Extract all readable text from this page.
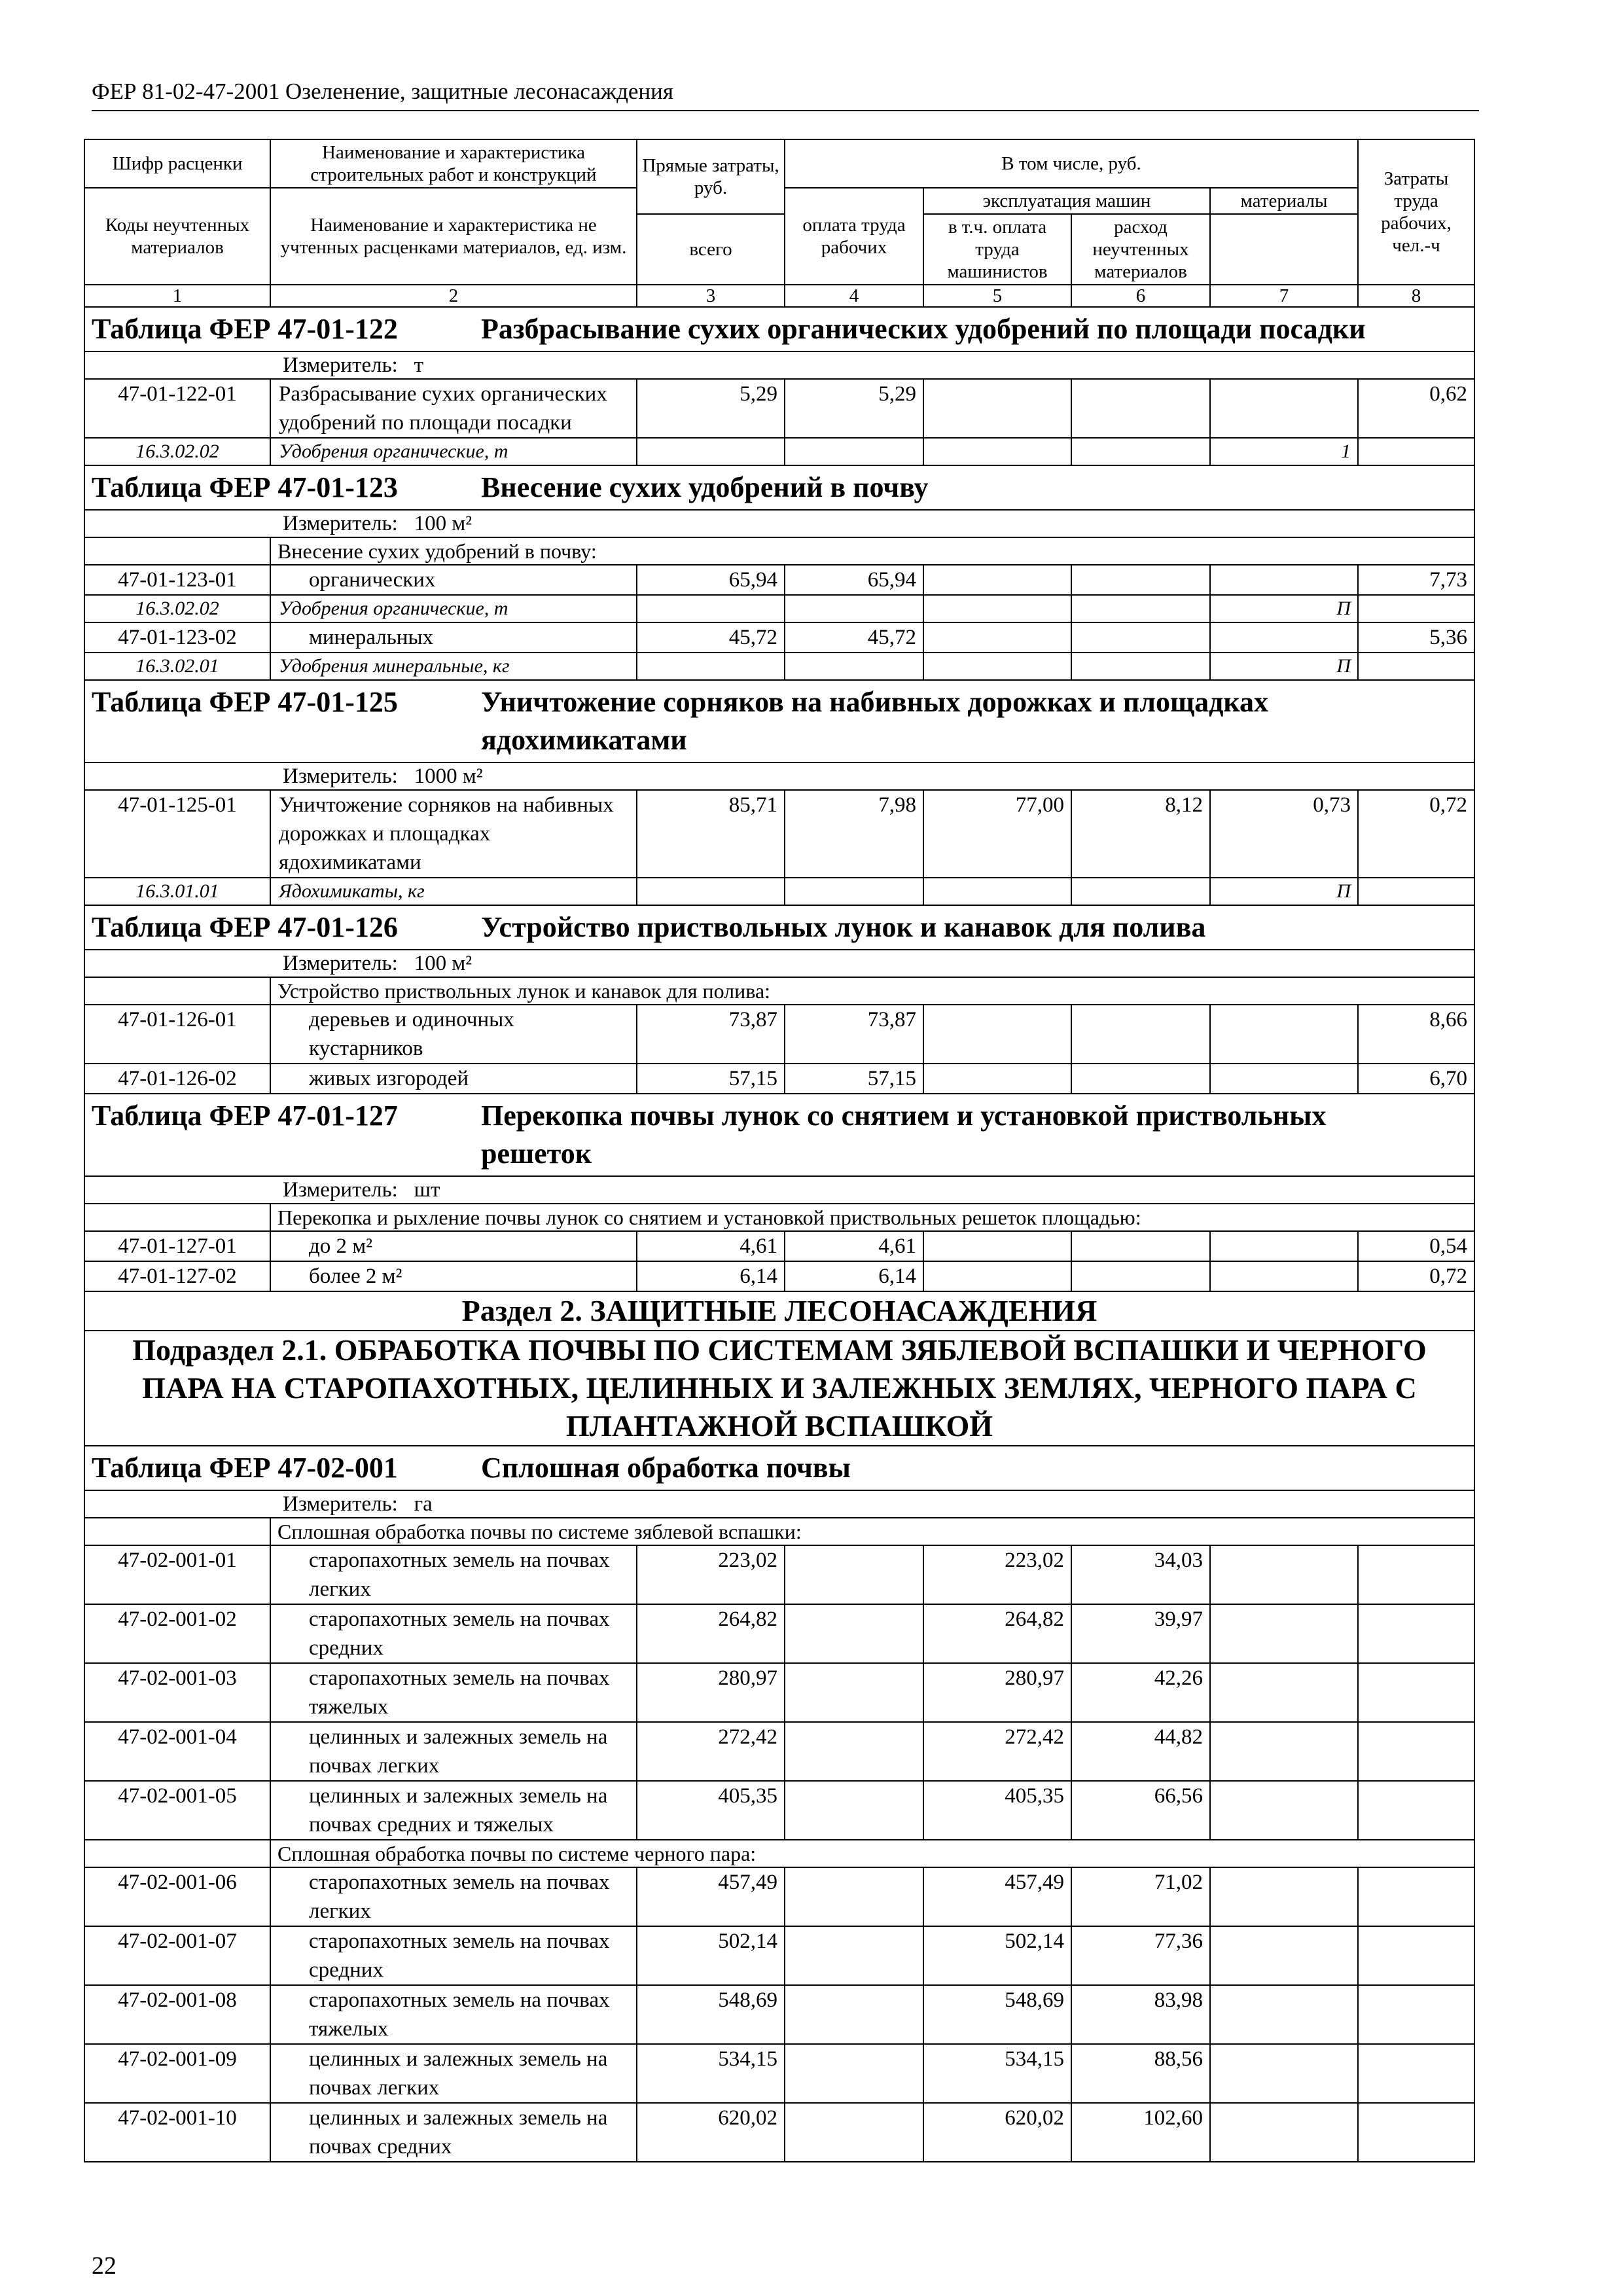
ФЕР 81-02-47-2001 Озеленение, защитные лесонасаждения
Шифр расценки	Наименование и характеристика строительных работ и конструкций	Прямые затраты, руб.	В том числе, руб.				Затраты труда рабочих, чел.-ч
Коды неучтенных материалов	Наименование и характеристика не учтенных расценками материалов, ед. изм.						
			оплата труда рабочих	эксплуатация машин		материалы	
		всего		в т.ч. оплата труда машинистов	расход неучтенных материалов		
1	2	3	4	5	6	7	8
Таблица ФЕР 47-01-122 Разбрасывание сухих органических удобрений по площади посадки							
Измеритель: т							
47-01-122-01	Разбрасывание сухих органических удобрений по площади посадки	5,29	5,29				0,62
16.3.02.02	Удобрения органические, т					1	
Таблица ФЕР 47-01-123 Внесение сухих удобрений в почву							
Измеритель: 100 м²							
	Внесение сухих удобрений в почву:						
47-01-123-01	органических	65,94	65,94				7,73
16.3.02.02	Удобрения органические, т					П	
47-01-123-02	минеральных	45,72	45,72				5,36
16.3.02.01	Удобрения минеральные, кг					П	
Таблица ФЕР 47-01-125 Уничтожение сорняков на набивных дорожках и площадках ядохимикатами							
Измеритель: 1000 м²							
47-01-125-01	Уничтожение сорняков на набивных дорожках и площадках ядохимикатами	85,71	7,98	77,00	8,12	0,73	0,72
16.3.01.01	Ядохимикаты, кг					П	
Таблица ФЕР 47-01-126 Устройство приствольных лунок и канавок для полива							
Измеритель: 100 м²							
	Устройство приствольных лунок и канавок для полива:						
47-01-126-01	деревьев и одиночных кустарников	73,87	73,87				8,66
47-01-126-02	живых изгородей	57,15	57,15				6,70
Таблица ФЕР 47-01-127 Перекопка почвы лунок со снятием и установкой приствольных решеток							
Измеритель: шт							
	Перекопка и рыхление почвы лунок со снятием и установкой приствольных решеток площадью:						
47-01-127-01	до 2 м²	4,61	4,61				0,54
47-01-127-02	более 2 м²	6,14	6,14				0,72
Раздел 2. ЗАЩИТНЫЕ ЛЕСОНАСАЖДЕНИЯ							
Подраздел 2.1. ОБРАБОТКА ПОЧВЫ ПО СИСТЕМАМ ЗЯБЛЕВОЙ ВСПАШКИ И ЧЕРНОГО ПАРА НА СТАРОПАХОТНЫХ, ЦЕЛИННЫХ И ЗАЛЕЖНЫХ ЗЕМЛЯХ, ЧЕРНОГО ПАРА С ПЛАНТАЖНОЙ ВСПАШКОЙ							
Таблица ФЕР 47-02-001 Сплошная обработка почвы							
Измеритель: га							
	Сплошная обработка почвы по системе зяблевой вспашки:						
47-02-001-01	старопахотных земель на почвах легких	223,02		223,02	34,03		
47-02-001-02	старопахотных земель на почвах средних	264,82		264,82	39,97		
47-02-001-03	старопахотных земель на почвах тяжелых	280,97		280,97	42,26		
47-02-001-04	целинных и залежных земель на почвах легких	272,42		272,42	44,82		
47-02-001-05	целинных и залежных земель на почвах средних и тяжелых	405,35		405,35	66,56		
	Сплошная обработка почвы по системе черного пара:						
47-02-001-06	старопахотных земель на почвах легких	457,49		457,49	71,02		
47-02-001-07	старопахотных земель на почвах средних	502,14		502,14	77,36		
47-02-001-08	старопахотных земель на почвах тяжелых	548,69		548,69	83,98		
47-02-001-09	целинных и залежных земель на почвах легких	534,15		534,15	88,56		
47-02-001-10	целинных и залежных земель на почвах средних	620,02		620,02	102,60		
22
